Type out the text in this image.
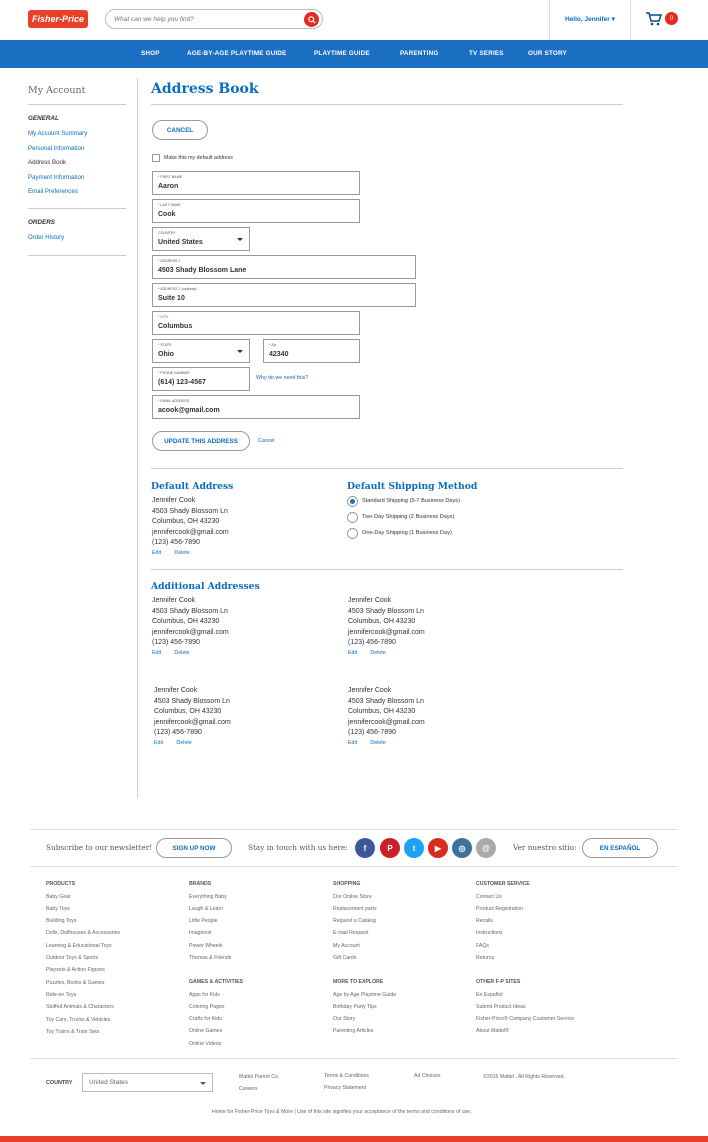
Fisher-Price
What can we help you find?	Hello, Jennifer ▾	0
SHOP	AGE-BY-AGE PLAYTIME GUIDE	PLAYTIME GUIDE	PARENTING	TV SERIES	OUR STORY
My Account
GENERAL
My Account Summary
Personal Information
Address Book
Payment Information
Email Preferences
ORDERS
Order History
Address Book
CANCEL
Make this my default address
* FIRST NAME
Aaron
* LAST NAME
Cook
COUNTRY
United States
* ADDRESS 1
4503 Shady Blossom Lane
* ADDRESS 2 (optional)
Suite 10
* CITY
Columbus
* STATE
Ohio
* Zip
42340
* PHONE NUMBER
(614) 123-4567
Why do we need this?
* EMAIL ADDRESS
acook@gmail.com
UPDATE THIS ADDRESS	Cancel
Default Address
Jennifer Cook
4503 Shady Blossom Ln
Columbus, OH 43230
jennifercook@gmail.com
(123) 456-7890
Edit	Delete
Default Shipping Method
Standard Shipping (5-7 Business Days)
Two-Day Shipping (2 Business Days)
One-Day Shipping (1 Business Day)
Additional Addresses
Jennifer Cook
4503 Shady Blossom Ln
Columbus, OH 43230
jennifercook@gmail.com
(123) 456-7890
Edit	Delete
Jennifer Cook
4503 Shady Blossom Ln
Columbus, OH 43230
jennifercook@gmail.com
(123) 456-7890
Edit	Delete
Jennifer Cook
4503 Shady Blossom Ln
Columbus, OH 43230
jennifercook@gmail.com
(123) 456-7890
Edit	Delete
Jennifer Cook
4503 Shady Blossom Ln
Columbus, OH 43230
jennifercook@gmail.com
(123) 456-7890
Edit	Delete
Subscribe to our newsletter!	SIGN UP NOW	Stay in touch with us here:	f	P	t	▶	◎	@	Ver nuestro sitio:	EN ESPAÑOL
PRODUCTS
Baby Gear
Baby Toys
Building Toys
Dolls, Dollhouses & Accessories
Learning & Educational Toys
Outdoor Toys & Sports
Playsets & Action Figures
Puzzles, Books & Games
Ride-on Toys
Stuffed Animals & Characters
Toy Cars, Trucks & Vehicles
Toy Trains & Train Sets
BRANDS
Everything Baby
Laugh & Learn
Little People
Imaginext
Power Wheels
Thomas & Friends
GAMES & ACTIVITIES
Apps for Kids
Coloring Pages
Crafts for Kids
Online Games
Online Videos
SHOPPING
Our Online Store
Replacement parts
Request a Catalog
E-mail Request
My Account
Gift Cards
MORE TO EXPLORE
Age by Age Playtime Guide
Birthday Party Tips
Our Story
Parenting Articles
CUSTOMER SERVICE
Contact Us
Product Registration
Recalls
Instructions
FAQs
Returns
OTHER F-P SITES
En Español
Submit Product Ideas
Fisher-Price® Company Customer Service
About Mattel®
COUNTRY	United States
Mattel Parent Co.
Careers
Terms & Conditions
Privacy Statement
Ad Choices	©2016 Mattel . All Rights Reserved.
Home for Fisher-Price Toys & More | Use of this site signifies your acceptance of the terms and conditions of use.
